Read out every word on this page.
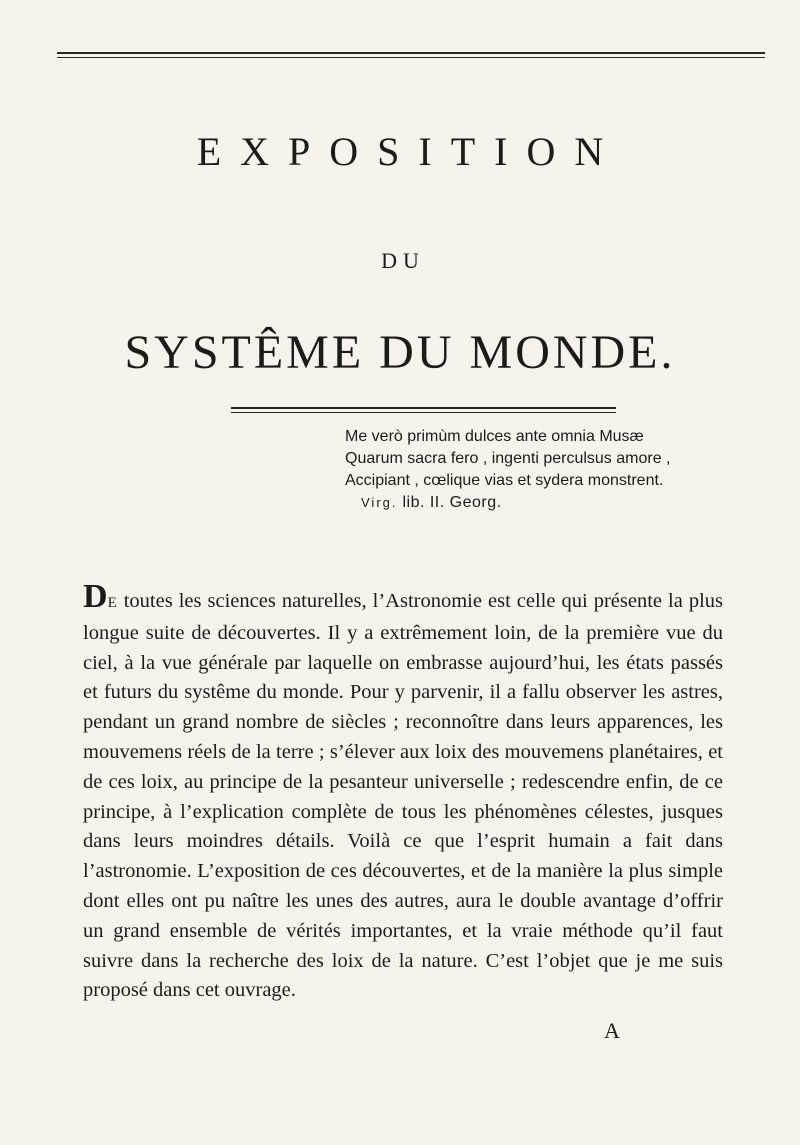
EXPOSITION
DU
SYSTÊME DU MONDE.
Me verò primùm dulces ante omnia Musæ
Quarum sacra fero , ingenti perculsus amore ,
Accipiant , cœlique vias et sydera monstrent.
Virg. lib. II. Georg.
DE toutes les sciences naturelles, l’Astronomie est celle qui présente la plus longue suite de découvertes. Il y a extrêmement loin, de la première vue du ciel, à la vue générale par laquelle on embrasse aujourd’hui, les états passés et futurs du systême du monde. Pour y parvenir, il a fallu observer les astres, pendant un grand nombre de siècles ; reconnoître dans leurs apparences, les mouvemens réels de la terre ; s’élever aux loix des mouvemens planétaires, et de ces loix, au principe de la pesanteur universelle ; redescendre enfin, de ce principe, à l’explication complète de tous les phénomènes célestes, jusques dans leurs moindres détails. Voilà ce que l’esprit humain a fait dans l’astronomie. L’exposition de ces découvertes, et de la manière la plus simple dont elles ont pu naître les unes des autres, aura le double avantage d’offrir un grand ensemble de vérités importantes, et la vraie méthode qu’il faut suivre dans la recherche des loix de la nature. C’est l’objet que je me suis proposé dans cet ouvrage.
A
